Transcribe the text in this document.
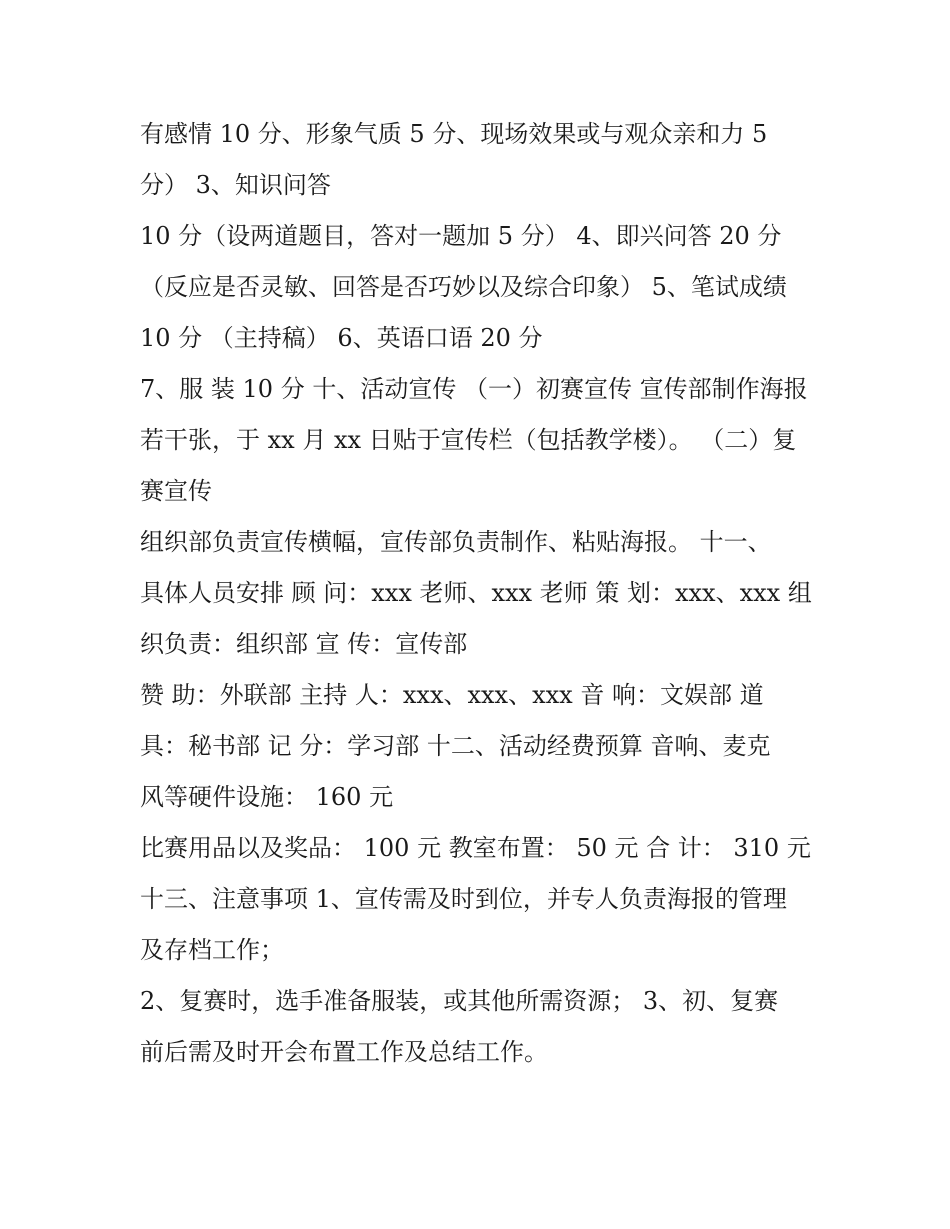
有感情 10 分、形象气质 5 分、现场效果或与观众亲和力 5
分） 3、知识问答
10 分（设两道题目，答对一题加 5 分） 4、即兴问答 20 分
（反应是否灵敏、回答是否巧妙以及综合印象） 5、笔试成绩
10 分 （主持稿） 6、英语口语 20 分
7、服 装 10 分 十、活动宣传 （一）初赛宣传 宣传部制作海报
若干张，于 xx 月 xx 日贴于宣传栏（包括教学楼）。 （二）复
赛宣传
组织部负责宣传横幅，宣传部负责制作、粘贴海报。 十一、
具体人员安排 顾 问：xxx 老师、xxx 老师 策 划：xxx、xxx 组
织负责：组织部 宣 传：宣传部
赞 助：外联部 主持 人：xxx、xxx、xxx 音 响：文娱部 道
具：秘书部 记 分：学习部 十二、活动经费预算 音响、麦克
风等硬件设施： 160 元
比赛用品以及奖品： 100 元 教室布置： 50 元 合 计： 310 元
十三、注意事项 1、宣传需及时到位，并专人负责海报的管理
及存档工作；
2、复赛时，选手准备服装，或其他所需资源； 3、初、复赛
前后需及时开会布置工作及总结工作。
